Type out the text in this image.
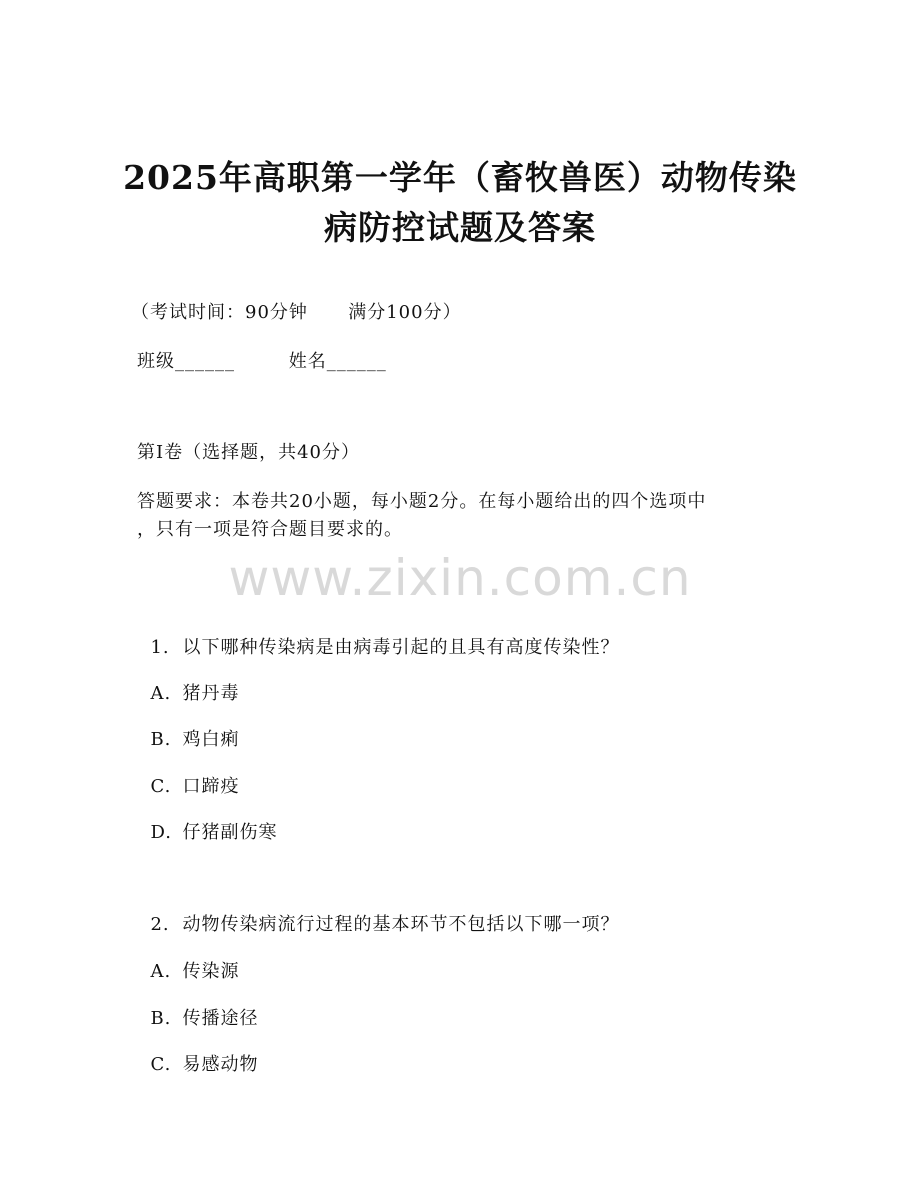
2025年高职第一学年（畜牧兽医）动物传染
病防控试题及答案
（考试时间：90分钟      满分100分）
班级______        姓名______
第I卷（选择题，共40分）
答题要求：本卷共20小题，每小题2分。在每小题给出的四个选项中
，只有一项是符合题目要求的。
www.zixin.com.cn

1. 以下哪种传染病是由病毒引起的且具有高度传染性？

A. 猪丹毒

B. 鸡白痢

C. 口蹄疫

D. 仔猪副伤寒

2. 动物传染病流行过程的基本环节不包括以下哪一项？

A. 传染源

B. 传播途径

C. 易感动物
